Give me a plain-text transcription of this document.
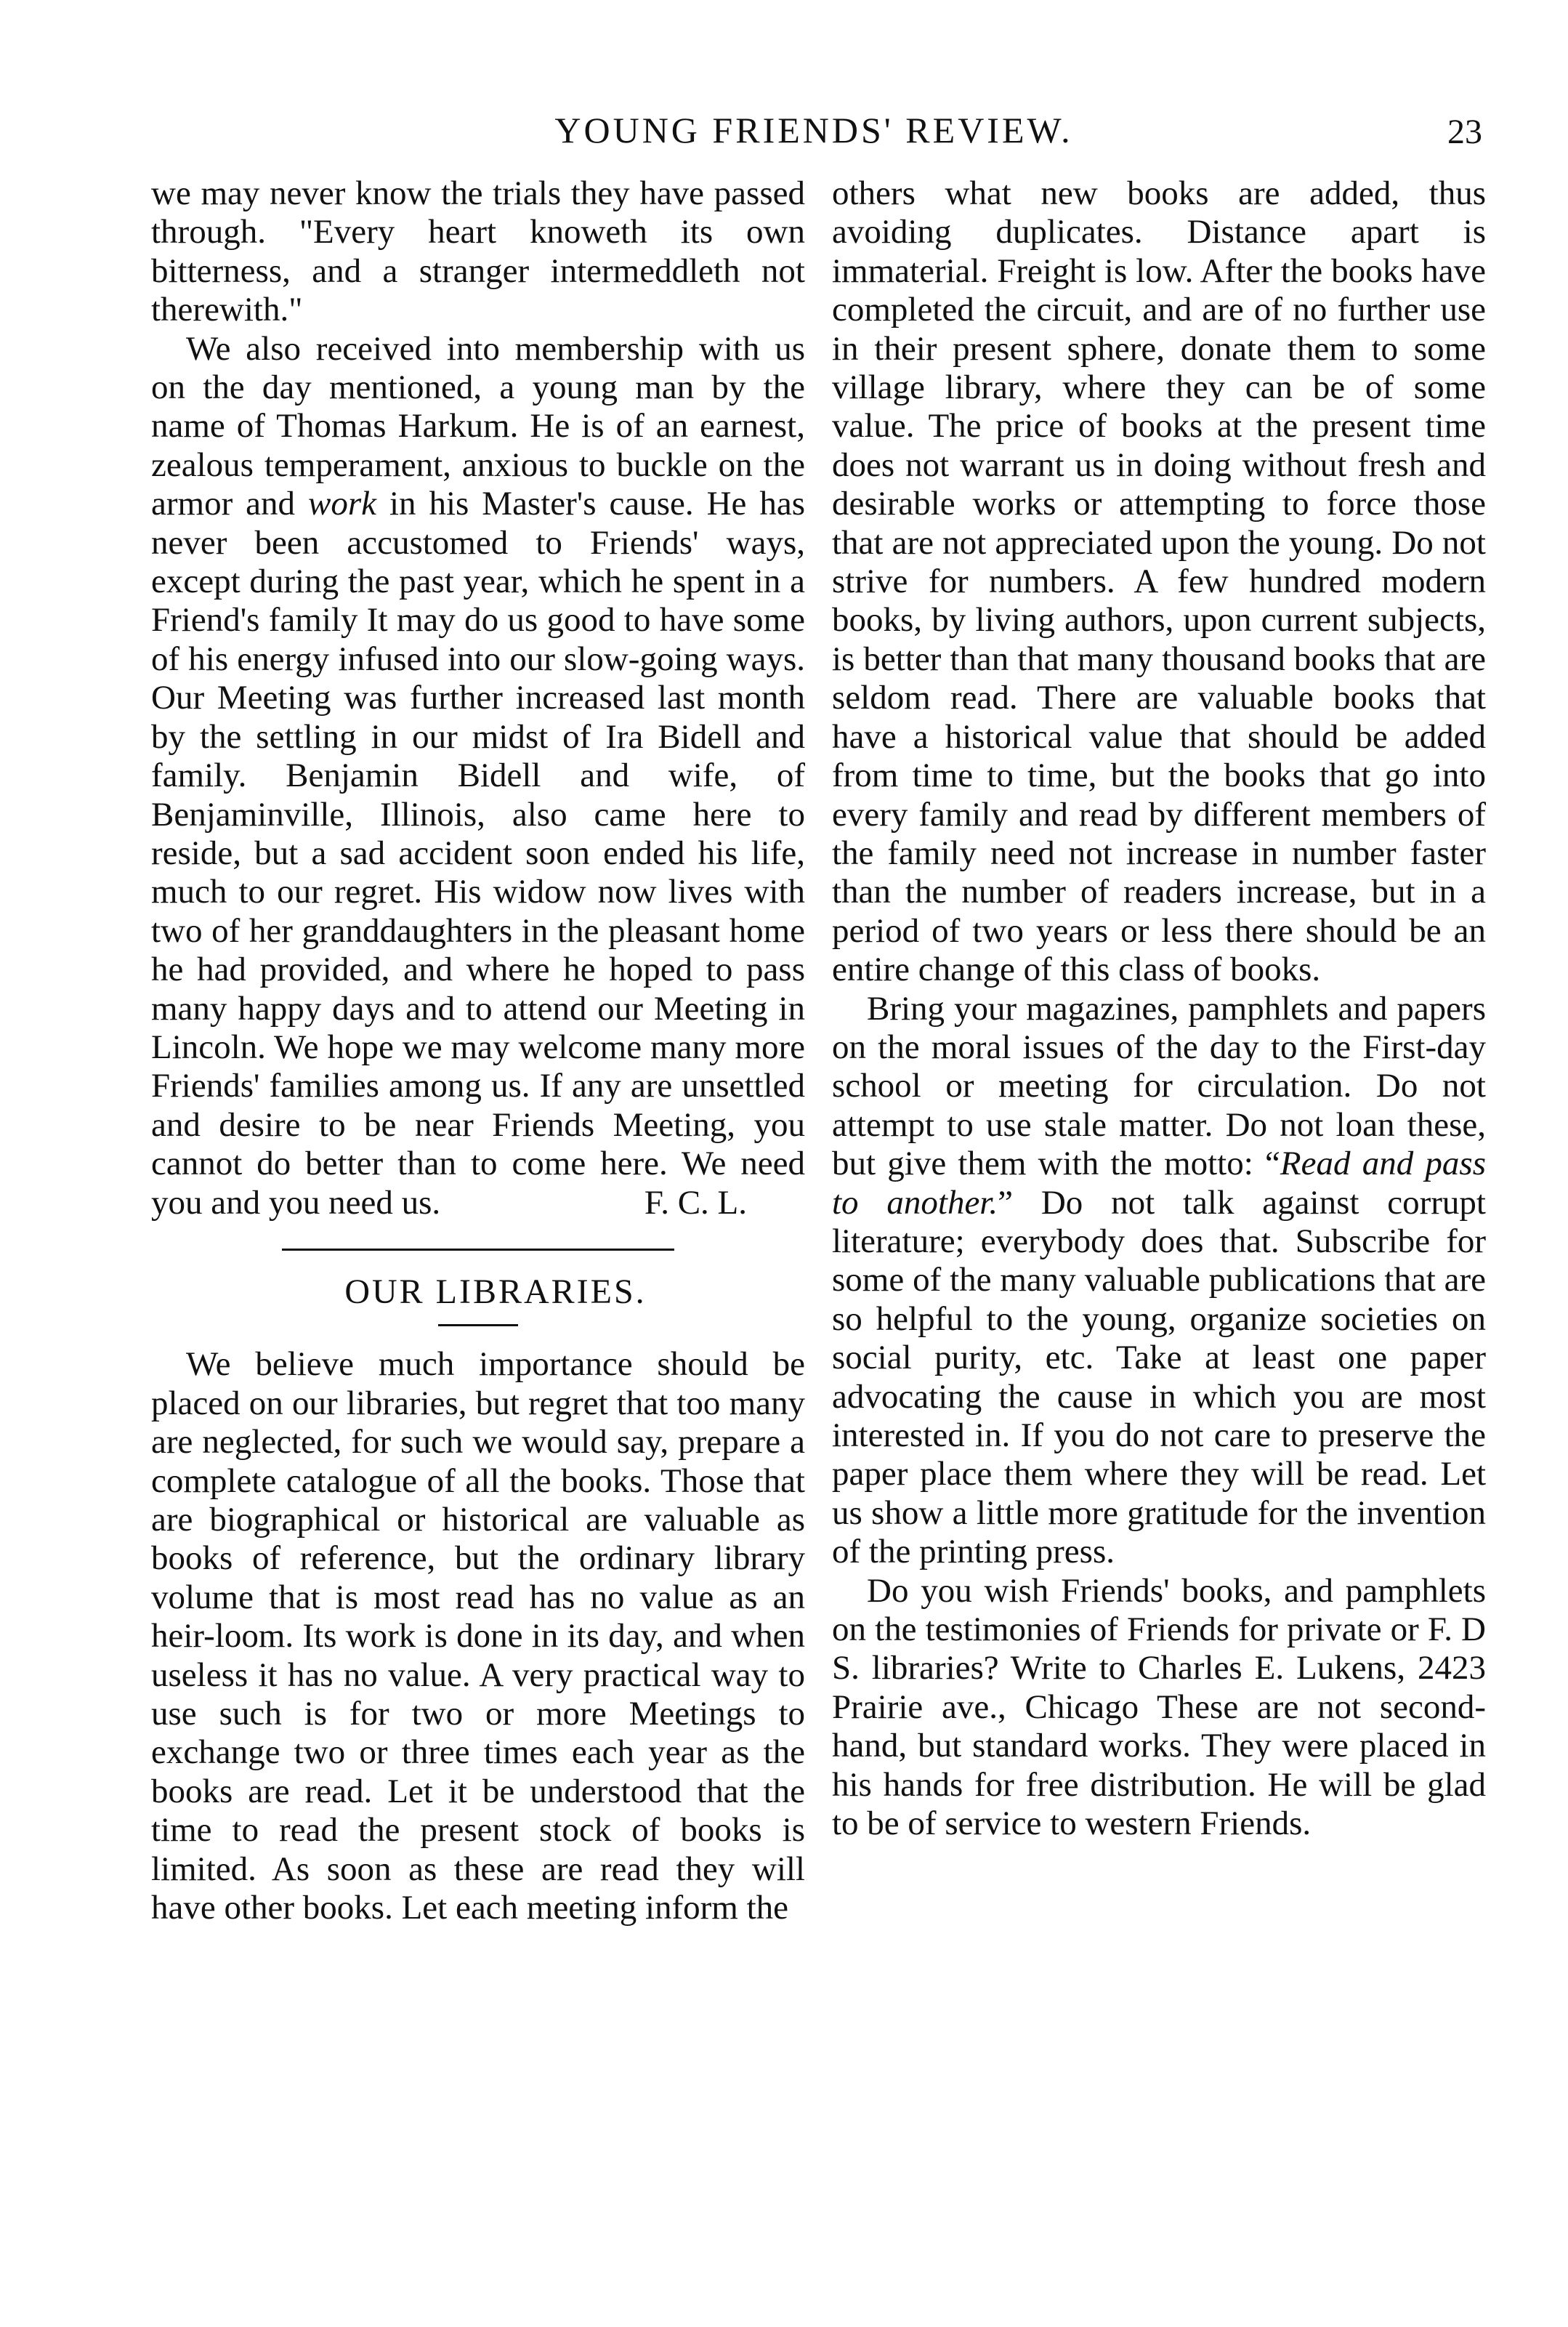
YOUNG FRIENDS' REVIEW.	23

we may never know the trials they have passed through. "Every heart knoweth its own bitterness, and a stranger intermeddleth not therewith."

We also received into membership with us on the day mentioned, a young man by the name of Thomas Harkum. He is of an earnest, zealous temperament, anxious to buckle on the armor and work in his Master's cause. He has never been accustomed to Friends' ways, except during the past year, which he spent in a Friend's family It may do us good to have some of his energy infused into our slow-going ways. Our Meeting was further increased last month by the settling in our midst of Ira Bidell and family. Benjamin Bidell and wife, of Benjaminville, Illinois, also came here to reside, but a sad accident soon ended his life, much to our regret. His widow now lives with two of her granddaughters in the pleasant home he had provided, and where he hoped to pass many happy days and to attend our Meeting in Lincoln. We hope we may welcome many more Friends' families among us. If any are unsettled and desire to be near Friends Meeting, you cannot do better than to come here. We need you and you need us.	F. C. L.

OUR LIBRARIES.

We believe much importance should be placed on our libraries, but regret that too many are neglected, for such we would say, prepare a complete catalogue of all the books. Those that are biographical or historical are valuable as books of reference, but the ordinary library volume that is most read has no value as an heir-loom. Its work is done in its day, and when useless it has no value. A very practical way to use such is for two or more Meetings to exchange two or three times each year as the books are read. Let it be understood that the time to read the present stock of books is limited. As soon as these are read they will have other books. Let each meeting inform the

others what new books are added, thus avoiding duplicates. Distance apart is immaterial. Freight is low. After the books have completed the circuit, and are of no further use in their present sphere, donate them to some village library, where they can be of some value. The price of books at the present time does not warrant us in doing without fresh and desirable works or attempting to force those that are not appreciated upon the young. Do not strive for numbers. A few hundred modern books, by living authors, upon current subjects, is better than that many thousand books that are seldom read. There are valuable books that have a historical value that should be added from time to time, but the books that go into every family and read by different members of the family need not increase in number faster than the number of readers increase, but in a period of two years or less there should be an entire change of this class of books.

Bring your magazines, pamphlets and papers on the moral issues of the day to the First-day school or meeting for circulation. Do not attempt to use stale matter. Do not loan these, but give them with the motto: “Read and pass to another.” Do not talk against corrupt literature; everybody does that. Subscribe for some of the many valuable publications that are so helpful to the young, organize societies on social purity, etc. Take at least one paper advocating the cause in which you are most interested in. If you do not care to preserve the paper place them where they will be read. Let us show a little more gratitude for the invention of the printing press.

Do you wish Friends' books, and pamphlets on the testimonies of Friends for private or F. D S. libraries? Write to Charles E. Lukens, 2423 Prairie ave., Chicago These are not second-hand, but standard works. They were placed in his hands for free distribution. He will be glad to be of service to western Friends.
